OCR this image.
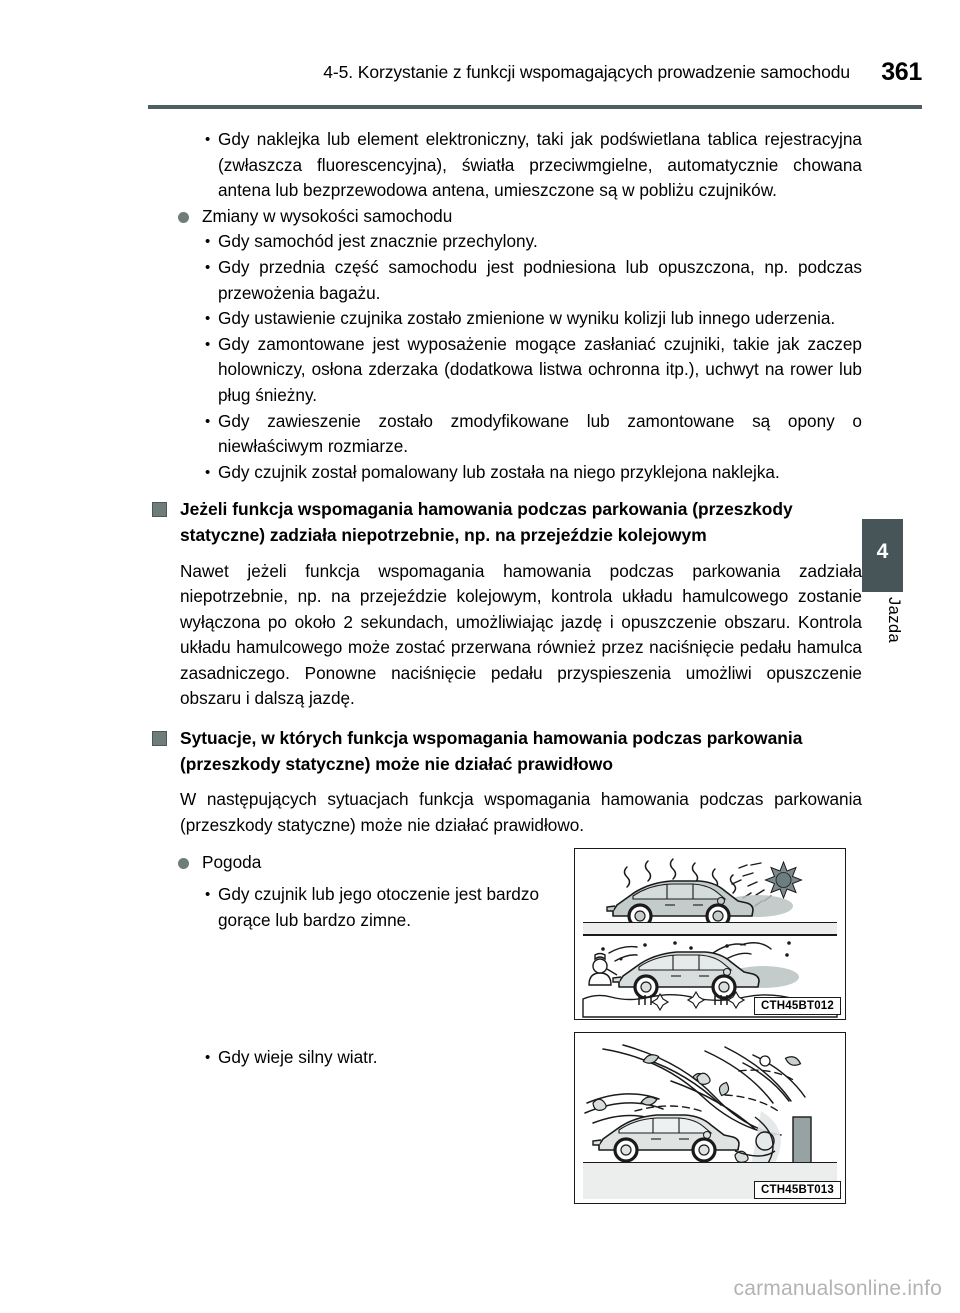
4-5. Korzystanie z funkcji wspomagających prowadzenie samochodu 361
4
Jazda
• Gdy naklejka lub element elektroniczny, taki jak podświetlana tablica rejestracyjna (zwłaszcza fluorescencyjna), światła przeciwmgielne, automatycznie chowana antena lub bezprzewodowa antena, umieszczone są w pobliżu czujników.
Zmiany w wysokości samochodu
• Gdy samochód jest znacznie przechylony.
• Gdy przednia część samochodu jest podniesiona lub opuszczona, np. podczas przewożenia bagażu.
• Gdy ustawienie czujnika zostało zmienione w wyniku kolizji lub innego uderzenia.
• Gdy zamontowane jest wyposażenie mogące zasłaniać czujniki, takie jak zaczep holowniczy, osłona zderzaka (dodatkowa listwa ochronna itp.), uchwyt na rower lub pług śnieżny.
• Gdy zawieszenie zostało zmodyfikowane lub zamontowane są opony o niewłaściwym rozmiarze.
• Gdy czujnik został pomalowany lub została na niego przyklejona naklejka.
Jeżeli funkcja wspomagania hamowania podczas parkowania (przeszkody statyczne) zadziała niepotrzebnie, np. na przejeździe kolejowym
Nawet jeżeli funkcja wspomagania hamowania podczas parkowania zadziała niepotrzebnie, np. na przejeździe kolejowym, kontrola układu hamulcowego zostanie wyłączona po około 2 sekundach, umożliwiając jazdę i opuszczenie obszaru. Kontrola układu hamulcowego może zostać przerwana również przez naciśnięcie pedału hamulca zasadniczego. Ponowne naciśnięcie pedału przyspieszenia umożliwi opuszczenie obszaru i dalszą jazdę.
Sytuacje, w których funkcja wspomagania hamowania podczas parkowania (przeszkody statyczne) może nie działać prawidłowo
W następujących sytuacjach funkcja wspomagania hamowania podczas parkowania (przeszkody statyczne) może nie działać prawidłowo.
Pogoda
• Gdy czujnik lub jego otoczenie jest bardzo gorące lub bardzo zimne.
• Gdy wieje silny wiatr.
CTH45BT012
CTH45BT013
carmanualsonline.info
